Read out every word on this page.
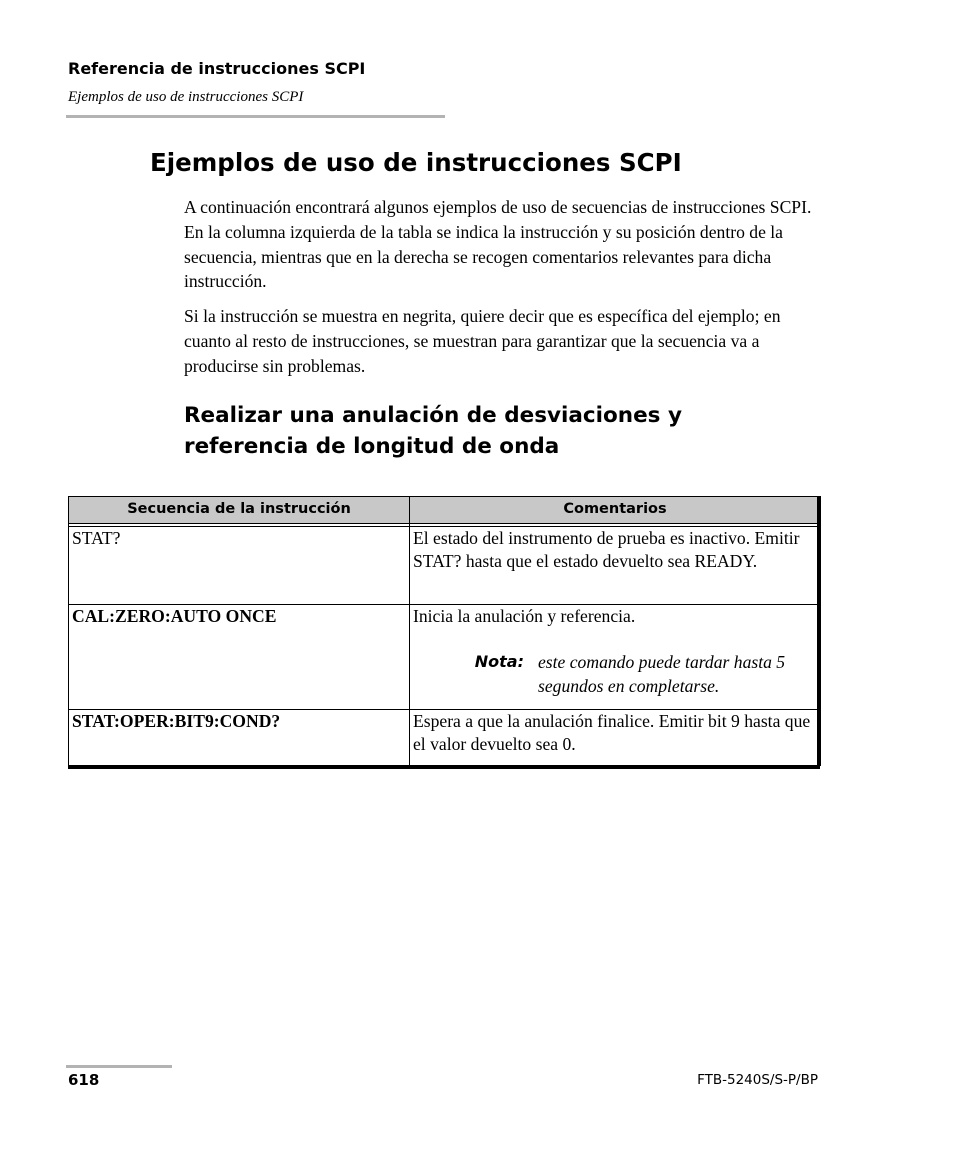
Referencia de instrucciones SCPI
Ejemplos de uso de instrucciones SCPI
Ejemplos de uso de instrucciones SCPI

A continuación encontrará algunos ejemplos de uso de secuencias de instrucciones SCPI. En la columna izquierda de la tabla se indica la instrucción y su posición dentro de la secuencia, mientras que en la derecha se recogen comentarios relevantes para dicha instrucción.

Si la instrucción se muestra en negrita, quiere decir que es específica del ejemplo; en cuanto al resto de instrucciones, se muestran para garantizar que la secuencia va a producirse sin problemas.

Realizar una anulación de desviaciones y referencia de longitud de onda
Secuencia de la instrucción	Comentarios

STAT?	El estado del instrumento de prueba es inactivo. Emitir STAT? hasta que el estado devuelto sea READY.
CAL:ZERO:AUTO ONCE	Inicia la anulación y referencia.
Nota: este comando puede tardar hasta 5 segundos en completarse.

STAT:OPER:BIT9:COND?	Espera a que la anulación finalice. Emitir bit 9 hasta que el valor devuelto sea 0.
618	FTB-5240S/S-P/BP
